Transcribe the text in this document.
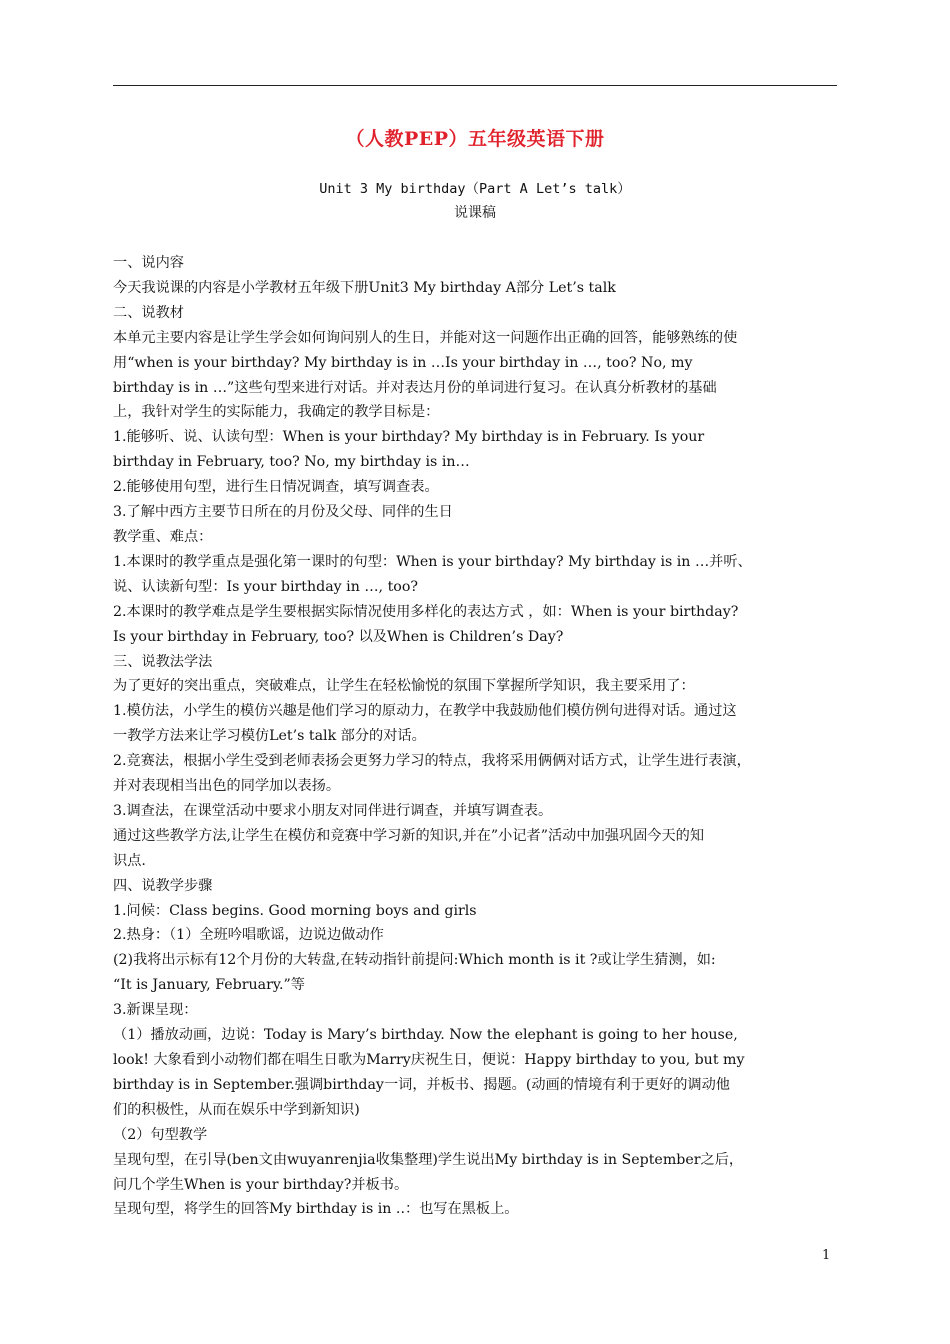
（人教PEP）五年级英语下册
Unit 3 My birthday（Part A Let’s talk）
说课稿

一、说内容

今天我说课的内容是小学教材五年级下册Unit3 My birthday A部分 Let’s talk

二、说教材

本单元主要内容是让学生学会如何询问别人的生日，并能对这一问题作出正确的回答，能够熟练的使

用“when is your birthday? My birthday is in …Is your birthday in …, too? No, my

birthday is in …”这些句型来进行对话。并对表达月份的单词进行复习。在认真分析教材的基础

上，我针对学生的实际能力，我确定的教学目标是：

1.能够听、说、认读句型：When is your birthday? My birthday is in February. Is your

birthday in February, too? No, my birthday is in…

2.能够使用句型，进行生日情况调查，填写调查表。

3.了解中西方主要节日所在的月份及父母、同伴的生日

教学重、难点：

1.本课时的教学重点是强化第一课时的句型：When is your birthday? My birthday is in …并听、

说、认读新句型：Is your birthday in …, too?

2.本课时的教学难点是学生要根据实际情况使用多样化的表达方式 ，如：When is your birthday?

Is your birthday in February, too? 以及When is Children’s Day?

三、说教法学法

为了更好的突出重点，突破难点，让学生在轻松愉悦的氛围下掌握所学知识，我主要采用了：

1.模仿法，小学生的模仿兴趣是他们学习的原动力，在教学中我鼓励他们模仿例句进得对话。通过这

一教学方法来让学习模仿Let’s talk 部分的对话。

2.竞赛法，根据小学生受到老师表扬会更努力学习的特点，我将采用俩俩对话方式，让学生进行表演，

并对表现相当出色的同学加以表扬。

3.调查法，在课堂活动中要求小朋友对同伴进行调查，并填写调查表。

通过这些教学方法,让学生在模仿和竞赛中学习新的知识,并在”小记者”活动中加强巩固今天的知

识点.

四、说教学步骤

1.问候：Class begins. Good morning boys and girls

2.热身：（1）全班吟唱歌谣，边说边做动作

(2)我将出示标有12个月份的大转盘,在转动指针前提问:Which month is it ?或让学生猜测，如:

“It is January, February.”等

3.新课呈现：

（1）播放动画，边说：Today is Mary’s birthday. Now the elephant is going to her house,

look! 大象看到小动物们都在唱生日歌为Marry庆祝生日，便说：Happy birthday to you, but my

birthday is in September.强调birthday一词，并板书、揭题。(动画的情境有利于更好的调动他

们的积极性，从而在娱乐中学到新知识)

（2）句型教学

呈现句型，在引导(ben文由wuyanrenjia收集整理)学生说出My birthday is in September之后，

问几个学生When is your birthday?并板书。

呈现句型，将学生的回答My birthday is in ..：也写在黑板上。

1
